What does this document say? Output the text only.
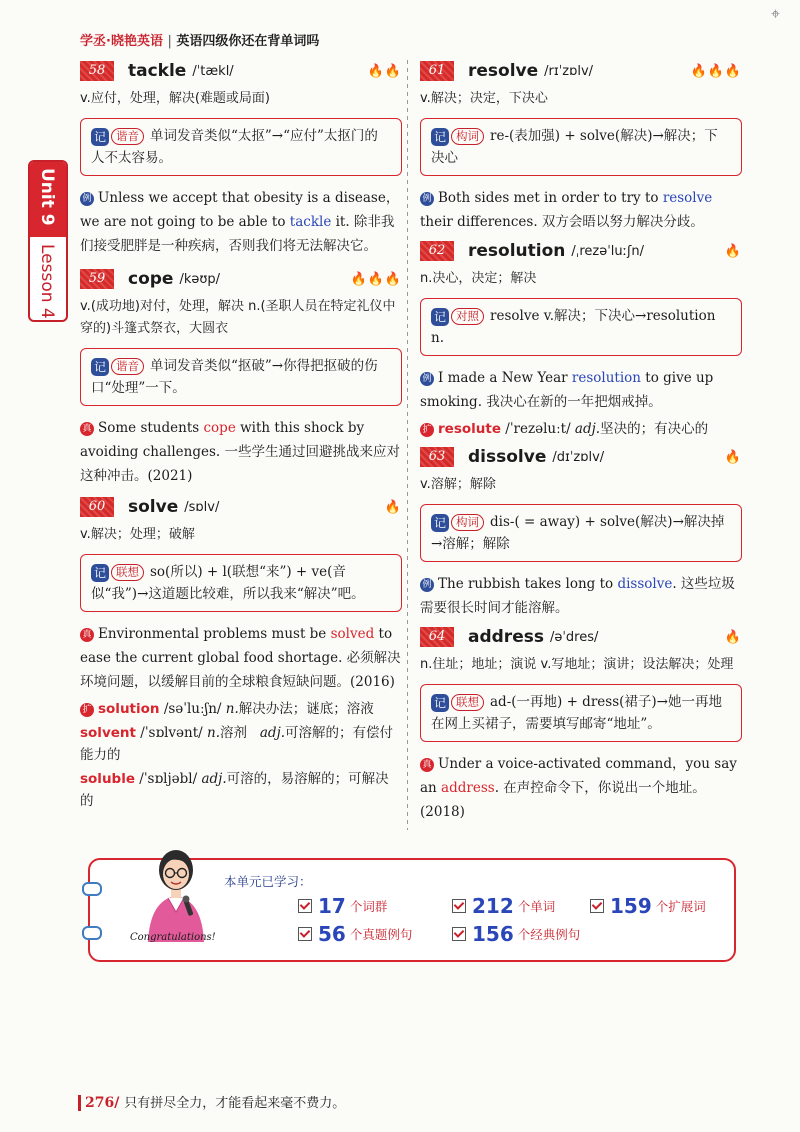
学丞·晓艳英语 | 英语四级你还在背单词吗
⌖
Unit 9
Lesson 4
58	tackle /ˈtækl/	🔥🔥
v.应付，处理，解决(难题或局面)
记 谐音 单词发音类似“太抠”→“应付”太抠门的人不太容易。
例 Unless we accept that obesity is a disease，we are not going to be able to tackle it. 除非我们接受肥胖是一种疾病，否则我们将无法解决它。
59	cope /kəʊp/	🔥🔥🔥
v.(成功地)对付，处理，解决 n.(圣职人员在特定礼仪中穿的)斗篷式祭衣，大圆衣
记 谐音 单词发音类似“抠破”→你得把抠破的伤口“处理”一下。
真 Some students cope with this shock by avoiding challenges. 一些学生通过回避挑战来应对这种冲击。(2021)
60	solve /sɒlv/	🔥
v.解决；处理；破解
记 联想 so(所以) + l(联想“来”) + ve(音似“我”)→这道题比较难，所以我来“解决”吧。
真 Environmental problems must be solved to ease the current global food shortage. 必须解决环境问题，以缓解目前的全球粮食短缺问题。(2016)
扩 solution /səˈluːʃn/ n.解决办法；谜底；溶液
solvent /ˈsɒlvənt/ n.溶剂 adj.可溶解的；有偿付能力的
soluble /ˈsɒljəbl/ adj.可溶的，易溶解的；可解决的
61	resolve /rɪˈzɒlv/	🔥🔥🔥
v.解决；决定，下决心
记 构词 re-(表加强) + solve(解决)→解决；下决心
例 Both sides met in order to try to resolve their differences. 双方会晤以努力解决分歧。
62	resolution /ˌrezəˈluːʃn/	🔥
n.决心，决定；解决
记 对照 resolve v.解决；下决心→resolution n.
例 I made a New Year resolution to give up smoking. 我决心在新的一年把烟戒掉。
扩 resolute /ˈrezəluːt/ adj.坚决的；有决心的
63	dissolve /dɪˈzɒlv/	🔥
v.溶解；解除
记 构词 dis-( = away) + solve(解决)→解决掉→溶解；解除
例 The rubbish takes long to dissolve. 这些垃圾需要很长时间才能溶解。
64	address /əˈdres/	🔥
n.住址；地址；演说 v.写地址；演讲；设法解决；处理
记 联想 ad-(一再地) + dress(裙子)→她一再地在网上买裙子，需要填写邮寄“地址”。
真 Under a voice-activated command，you say an address. 在声控命令下，你说出一个地址。(2018)
Congratulations!
本单元已学习：
17 个词群	212 个单词	159 个扩展词
56 个真题例句	156 个经典例句
276/ 只有拼尽全力，才能看起来毫不费力。
